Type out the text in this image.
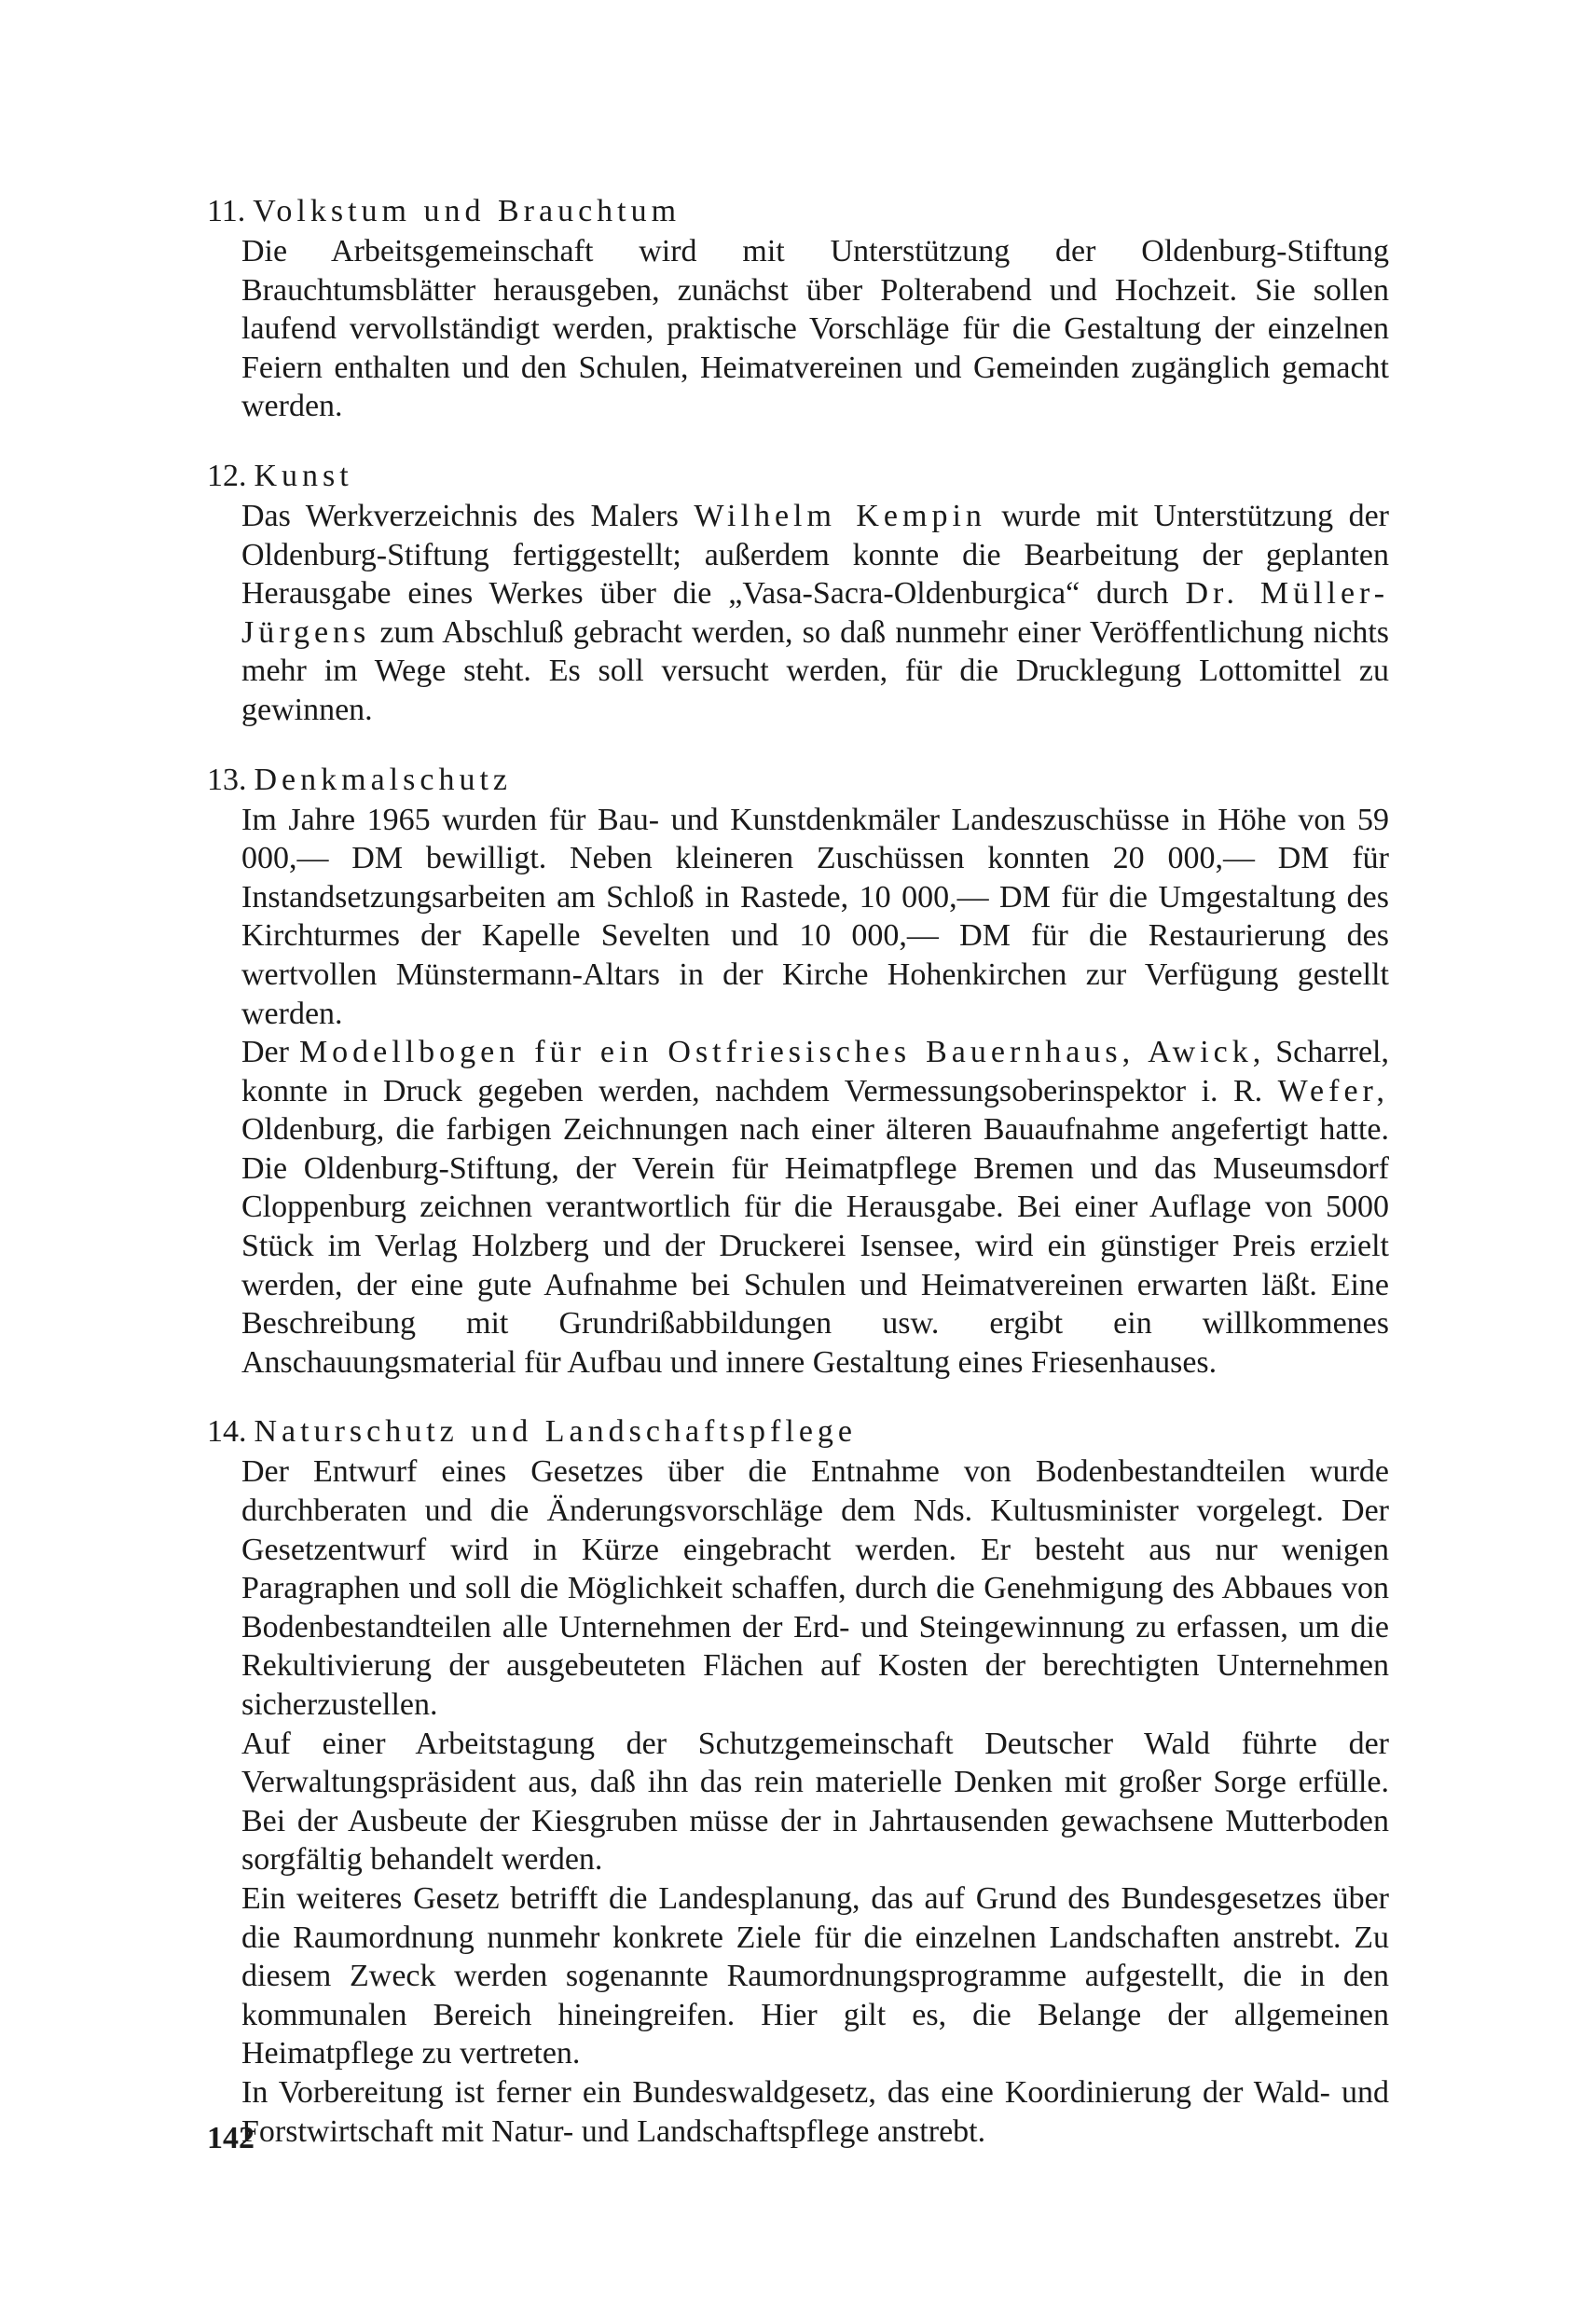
11. Volkstum und Brauchtum

Die Arbeitsgemeinschaft wird mit Unterstützung der Oldenburg-Stiftung Brauchtumsblätter herausgeben, zunächst über Polterabend und Hochzeit. Sie sollen laufend vervollständigt werden, praktische Vorschläge für die Gestaltung der einzelnen Feiern enthalten und den Schulen, Heimatvereinen und Gemeinden zugänglich gemacht werden.

12. Kunst

Das Werkverzeichnis des Malers Wilhelm Kempin wurde mit Unterstützung der Oldenburg-Stiftung fertiggestellt; außerdem konnte die Bearbeitung der geplanten Herausgabe eines Werkes über die „Vasa-Sacra-Oldenburgica“ durch Dr. Müller-Jürgens zum Abschluß gebracht werden, so daß nunmehr einer Veröffentlichung nichts mehr im Wege steht. Es soll versucht werden, für die Drucklegung Lottomittel zu gewinnen.

13. Denkmalschutz

Im Jahre 1965 wurden für Bau- und Kunstdenkmäler Landeszuschüsse in Höhe von 59 000,— DM bewilligt. Neben kleineren Zuschüssen konnten 20 000,— DM für Instandsetzungsarbeiten am Schloß in Rastede, 10 000,— DM für die Umgestaltung des Kirchturmes der Kapelle Sevelten und 10 000,— DM für die Restaurierung des wertvollen Münstermann-Altars in der Kirche Hohenkirchen zur Verfügung gestellt werden.

Der Modellbogen für ein Ostfriesisches Bauernhaus, Awick, Scharrel, konnte in Druck gegeben werden, nachdem Vermessungsoberinspektor i. R. Wefer, Oldenburg, die farbigen Zeichnungen nach einer älteren Bauaufnahme angefertigt hatte. Die Oldenburg-Stiftung, der Verein für Heimatpflege Bremen und das Museumsdorf Cloppenburg zeichnen verantwortlich für die Herausgabe. Bei einer Auflage von 5000 Stück im Verlag Holzberg und der Druckerei Isensee, wird ein günstiger Preis erzielt werden, der eine gute Aufnahme bei Schulen und Heimatvereinen erwarten läßt. Eine Beschreibung mit Grundrißabbildungen usw. ergibt ein willkommenes Anschauungsmaterial für Aufbau und innere Gestaltung eines Friesenhauses.

14. Naturschutz und Landschaftspflege

Der Entwurf eines Gesetzes über die Entnahme von Bodenbestandteilen wurde durchberaten und die Änderungsvorschläge dem Nds. Kultusminister vorgelegt. Der Gesetzentwurf wird in Kürze eingebracht werden. Er besteht aus nur wenigen Paragraphen und soll die Möglichkeit schaffen, durch die Genehmigung des Abbaues von Bodenbestandteilen alle Unternehmen der Erd- und Steingewinnung zu erfassen, um die Rekultivierung der ausgebeuteten Flächen auf Kosten der berechtigten Unternehmen sicherzustellen.

Auf einer Arbeitstagung der Schutzgemeinschaft Deutscher Wald führte der Verwaltungspräsident aus, daß ihn das rein materielle Denken mit großer Sorge erfülle. Bei der Ausbeute der Kiesgruben müsse der in Jahrtausenden gewachsene Mutterboden sorgfältig behandelt werden.

Ein weiteres Gesetz betrifft die Landesplanung, das auf Grund des Bundesgesetzes über die Raumordnung nunmehr konkrete Ziele für die einzelnen Landschaften anstrebt. Zu diesem Zweck werden sogenannte Raumordnungsprogramme aufgestellt, die in den kommunalen Bereich hineingreifen. Hier gilt es, die Belange der allgemeinen Heimatpflege zu vertreten.

In Vorbereitung ist ferner ein Bundeswaldgesetz, das eine Koordinierung der Wald- und Forstwirtschaft mit Natur- und Landschaftspflege anstrebt.

142
